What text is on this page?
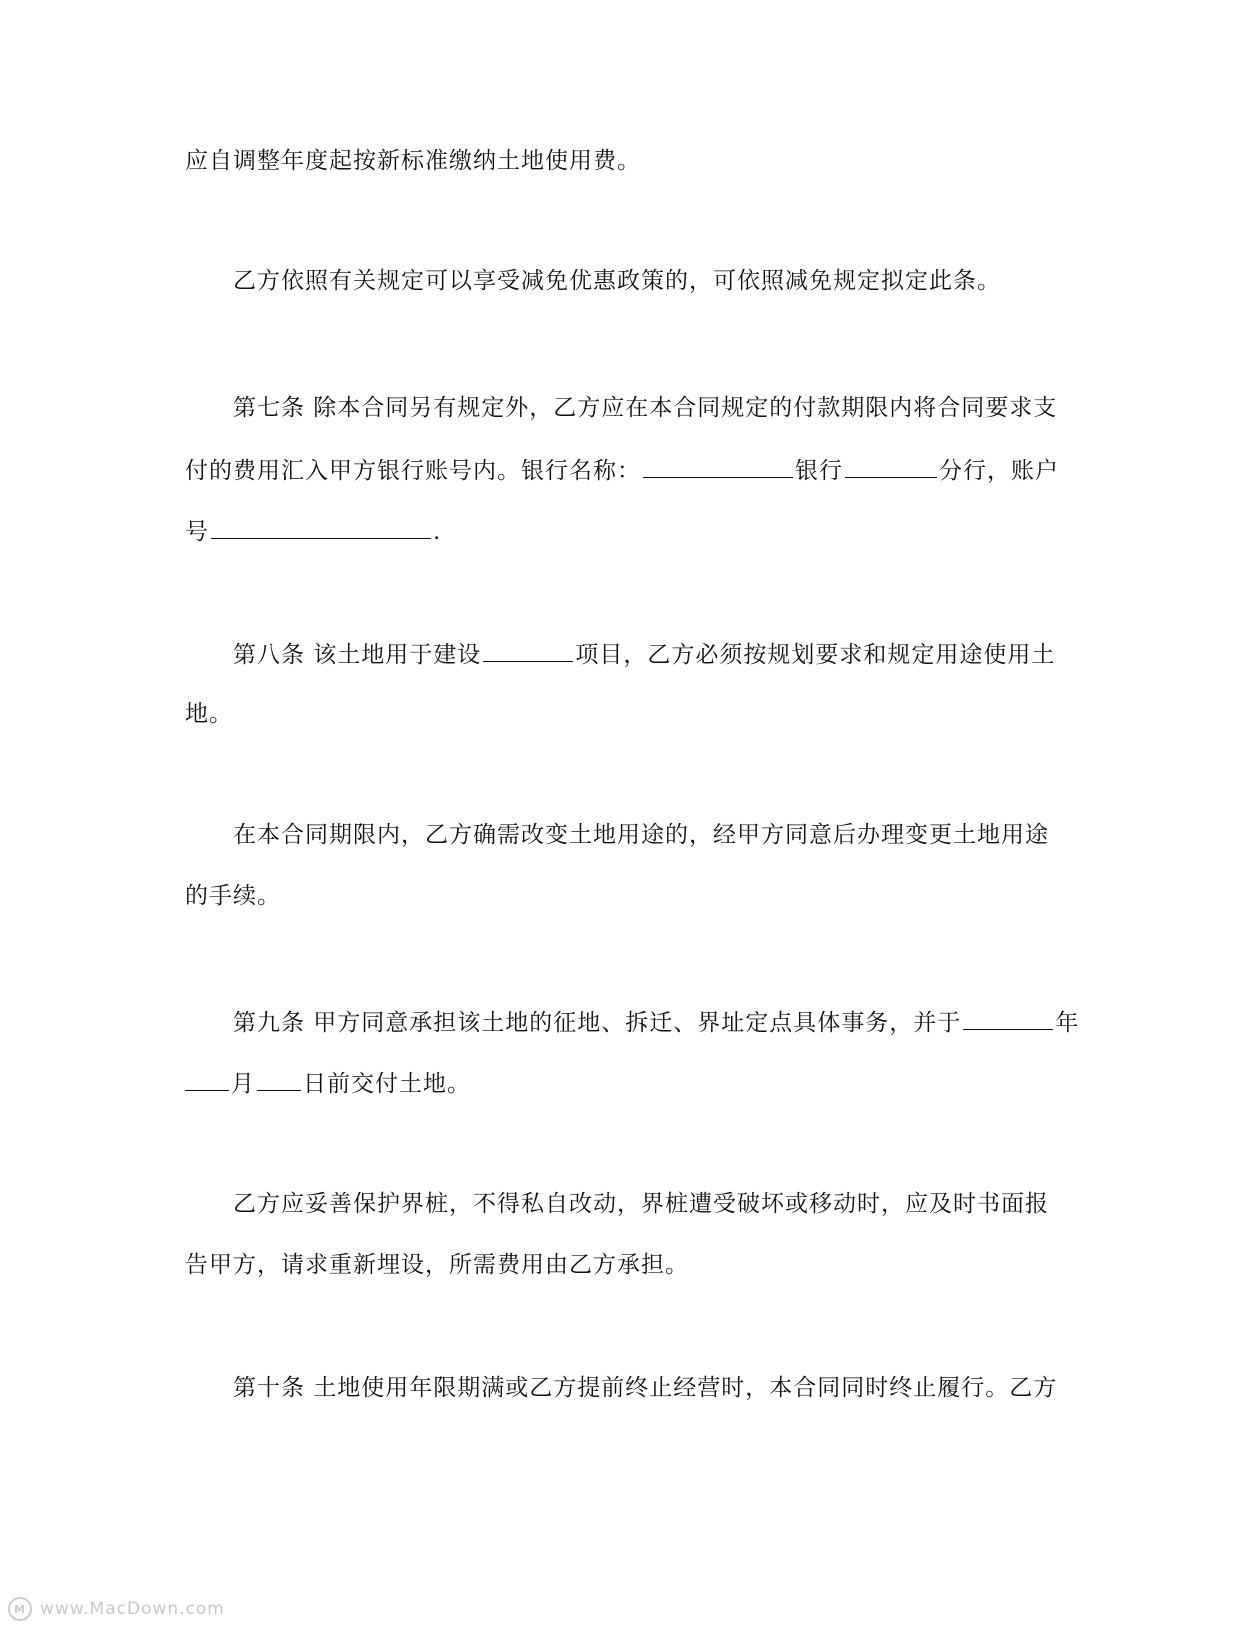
应自调整年度起按新标准缴纳土地使用费。
乙方依照有关规定可以享受减免优惠政策的，可依照减免规定拟定此条。
第七条 除本合同另有规定外，乙方应在本合同规定的付款期限内将合同要求支
付的费用汇入甲方银行账号内。银行名称：	银行	分行，账户
号	.
第八条 该土地用于建设	项目，乙方必须按规划要求和规定用途使用土
地。
在本合同期限内，乙方确需改变土地用途的，经甲方同意后办理变更土地用途
的手续。
第九条 甲方同意承担该土地的征地、拆迁、界址定点具体事务，并于	年
月 日前交付土地。
乙方应妥善保护界桩，不得私自改动，界桩遭受破坏或移动时，应及时书面报
告甲方，请求重新埋设，所需费用由乙方承担。
第十条 土地使用年限期满或乙方提前终止经营时，本合同同时终止履行。乙方
M www.MacDown.com
